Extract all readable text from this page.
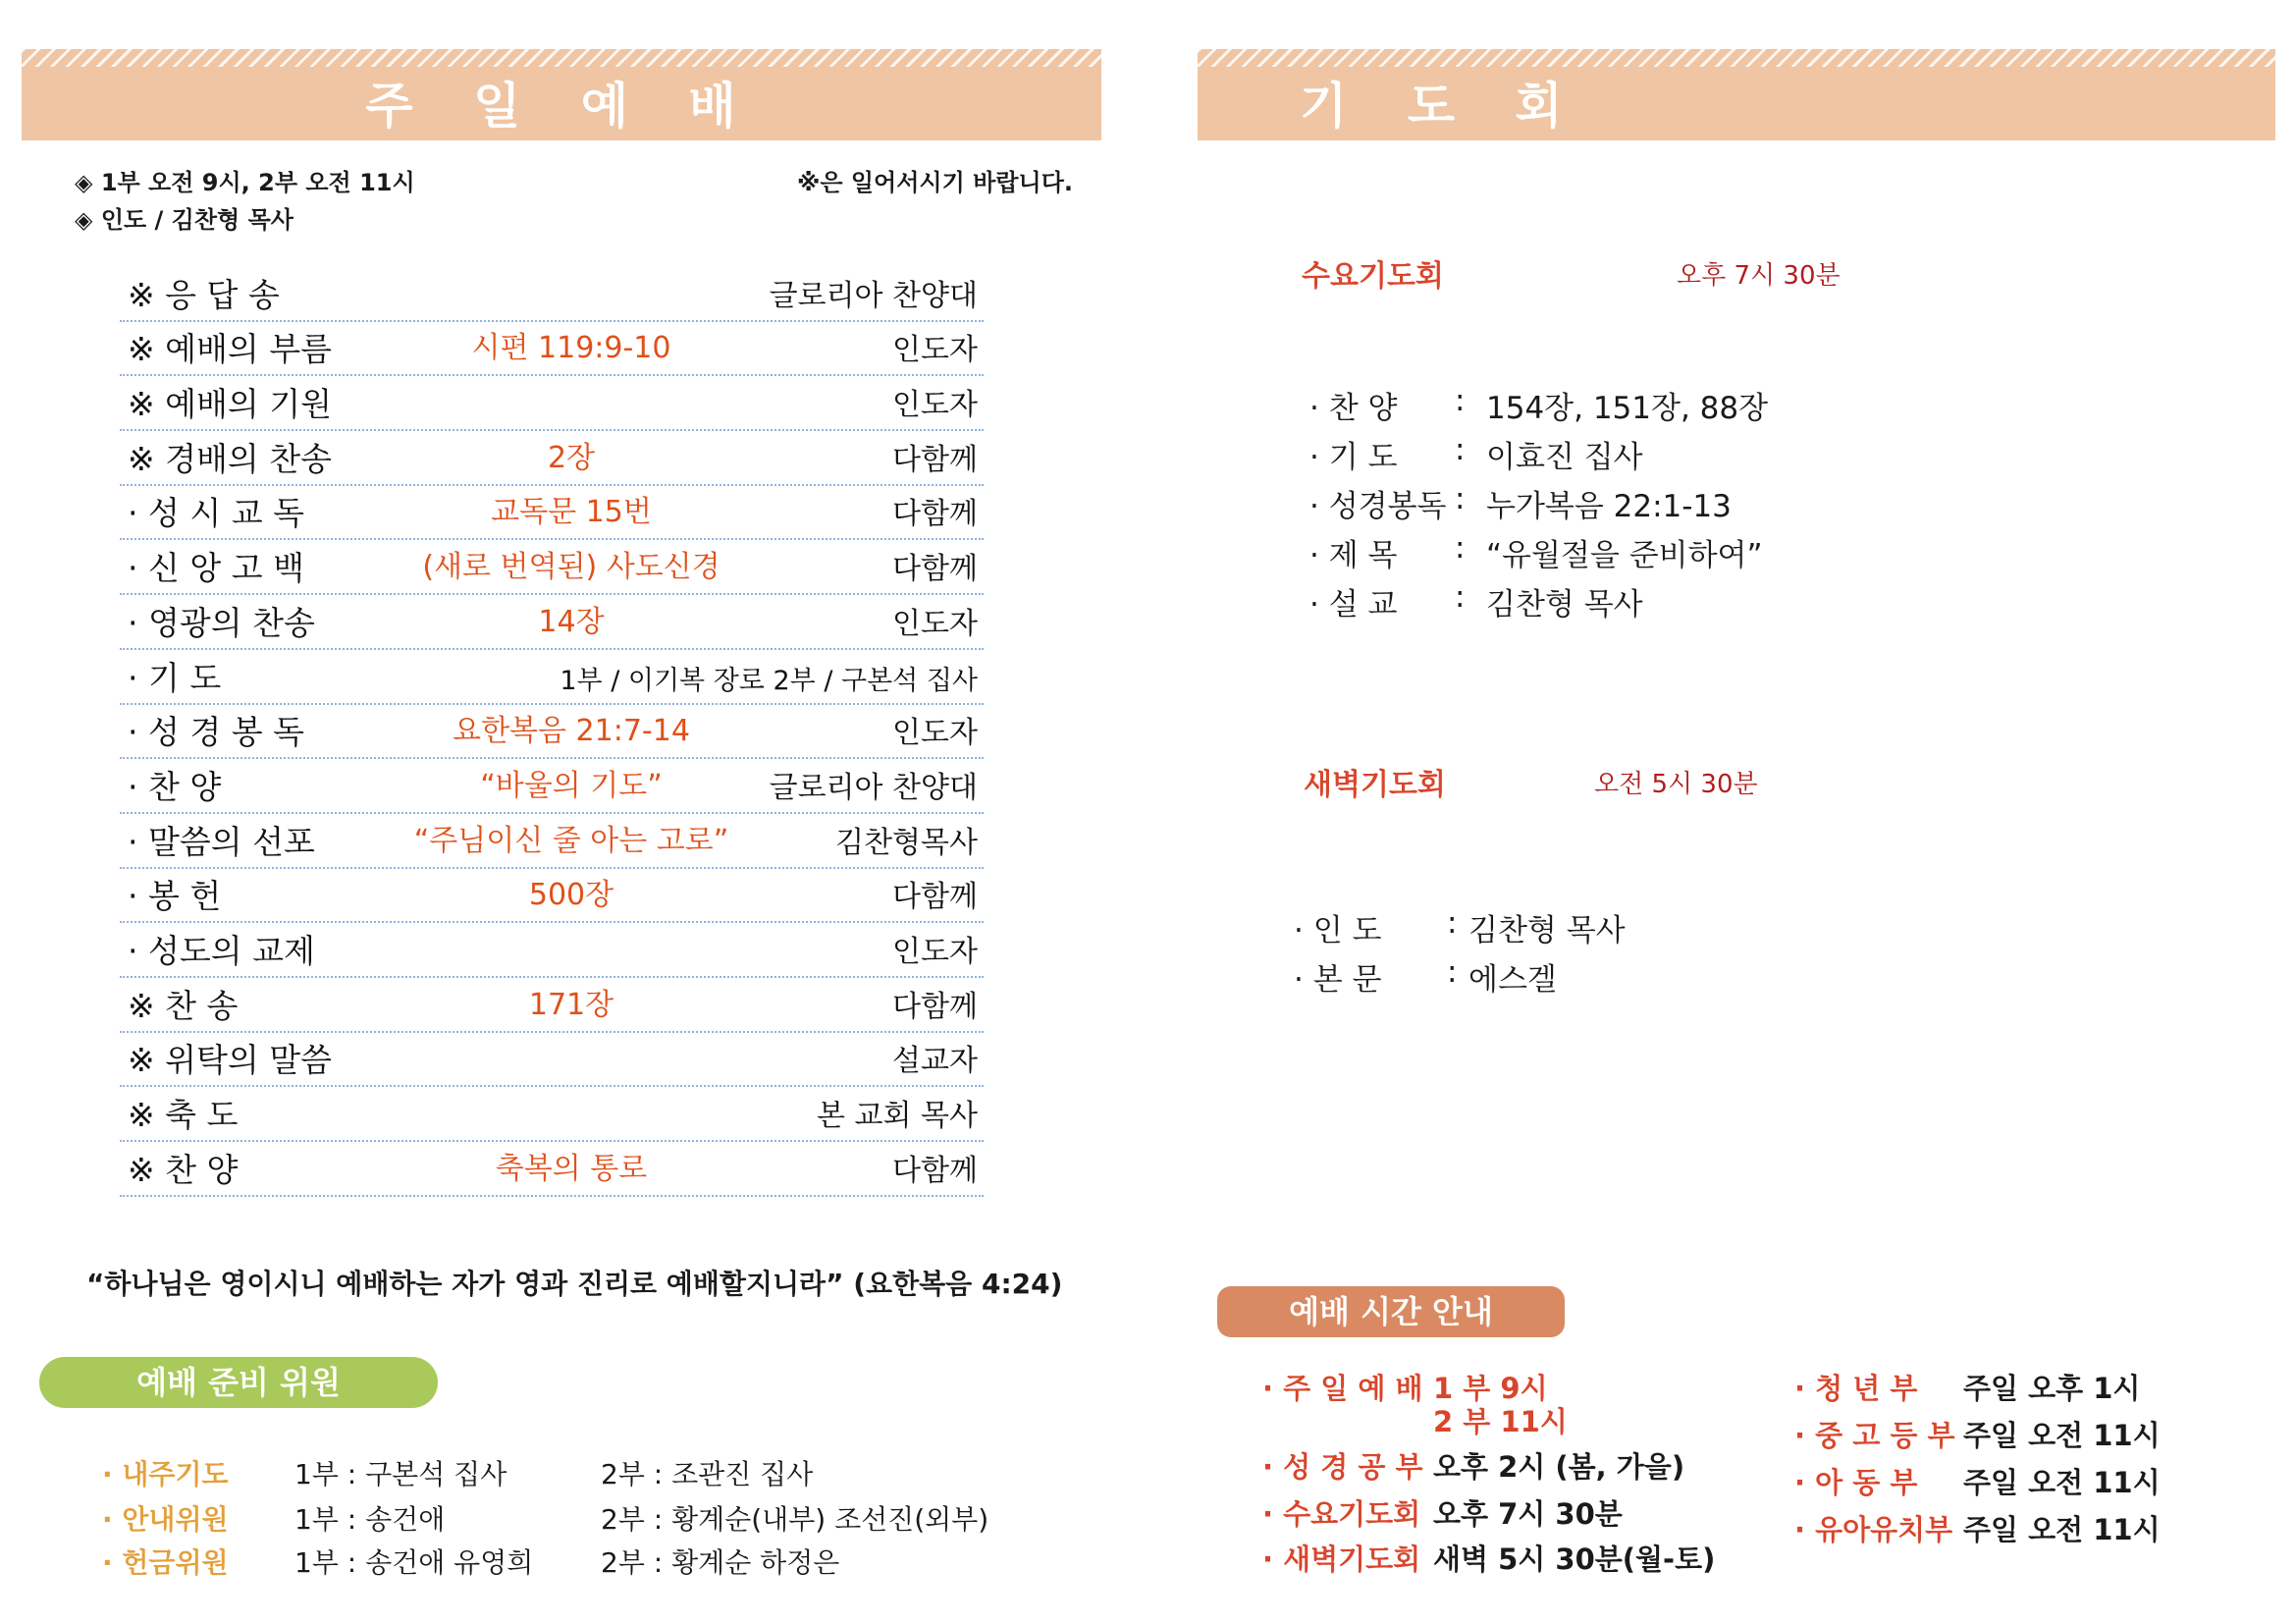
주 일 예 배
◈ 1부 오전 9시, 2부 오전 11시
◈ 인도 / 김찬형 목사
※은 일어서시기 바랍니다.
※ 응 답 송	글로리아 찬양대
※ 예배의 부름	시편 119:9-10	인도자
※ 예배의 기원	인도자
※ 경배의 찬송	2장	다함께
· 성 시 교 독	교독문 15번	다함께
· 신 앙 고 백	(새로 번역된) 사도신경	다함께
· 영광의 찬송	14장	인도자
· 기 도	1부 / 이기복 장로 2부 / 구본석 집사
· 성 경 봉 독	요한복음 21:7-14	인도자
· 찬 양	“바울의 기도”	글로리아 찬양대
· 말씀의 선포	“주님이신 줄 아는 고로”	김찬형목사
· 봉 헌	500장	다함께
· 성도의 교제	인도자
※ 찬 송	171장	다함께
※ 위탁의 말씀	설교자
※ 축 도	본 교회 목사
※ 찬 양	축복의 통로	다함께
“하나님은 영이시니 예배하는 자가 영과 진리로 예배할지니라” (요한복음 4:24)
예배 준비 위원
· 내주기도 1부 : 구본석 집사	2부 : 조관진 집사
· 안내위원 1부 : 송건애	2부 : 황계순(내부) 조선진(외부)
· 헌금위원 1부 : 송건애 유영희 2부 : 황계순 하정은
기 도 회
수요기도회	오후 7시 30분
· 찬 양 : 154장, 151장, 88장
· 기 도 : 이효진 집사
· 성경봉독 : 누가복음 22:1-13
· 제 목 : “유월절을 준비하여”
· 설 교 : 김찬형 목사
새벽기도회	오전 5시 30분
· 인 도 : 김찬형 목사
· 본 문 : 에스겔
예배 시간 안내
· 주 일 예 배 1 부 9시
2 부 11시
· 성 경 공 부 오후 2시 (봄, 가을)
· 수요기도회 오후 7시 30분
· 새벽기도회 새벽 5시 30분(월-토)
· 청 년 부 주일 오후 1시
· 중 고 등 부 주일 오전 11시
· 아 동 부 주일 오전 11시
· 유아유치부 주일 오전 11시
